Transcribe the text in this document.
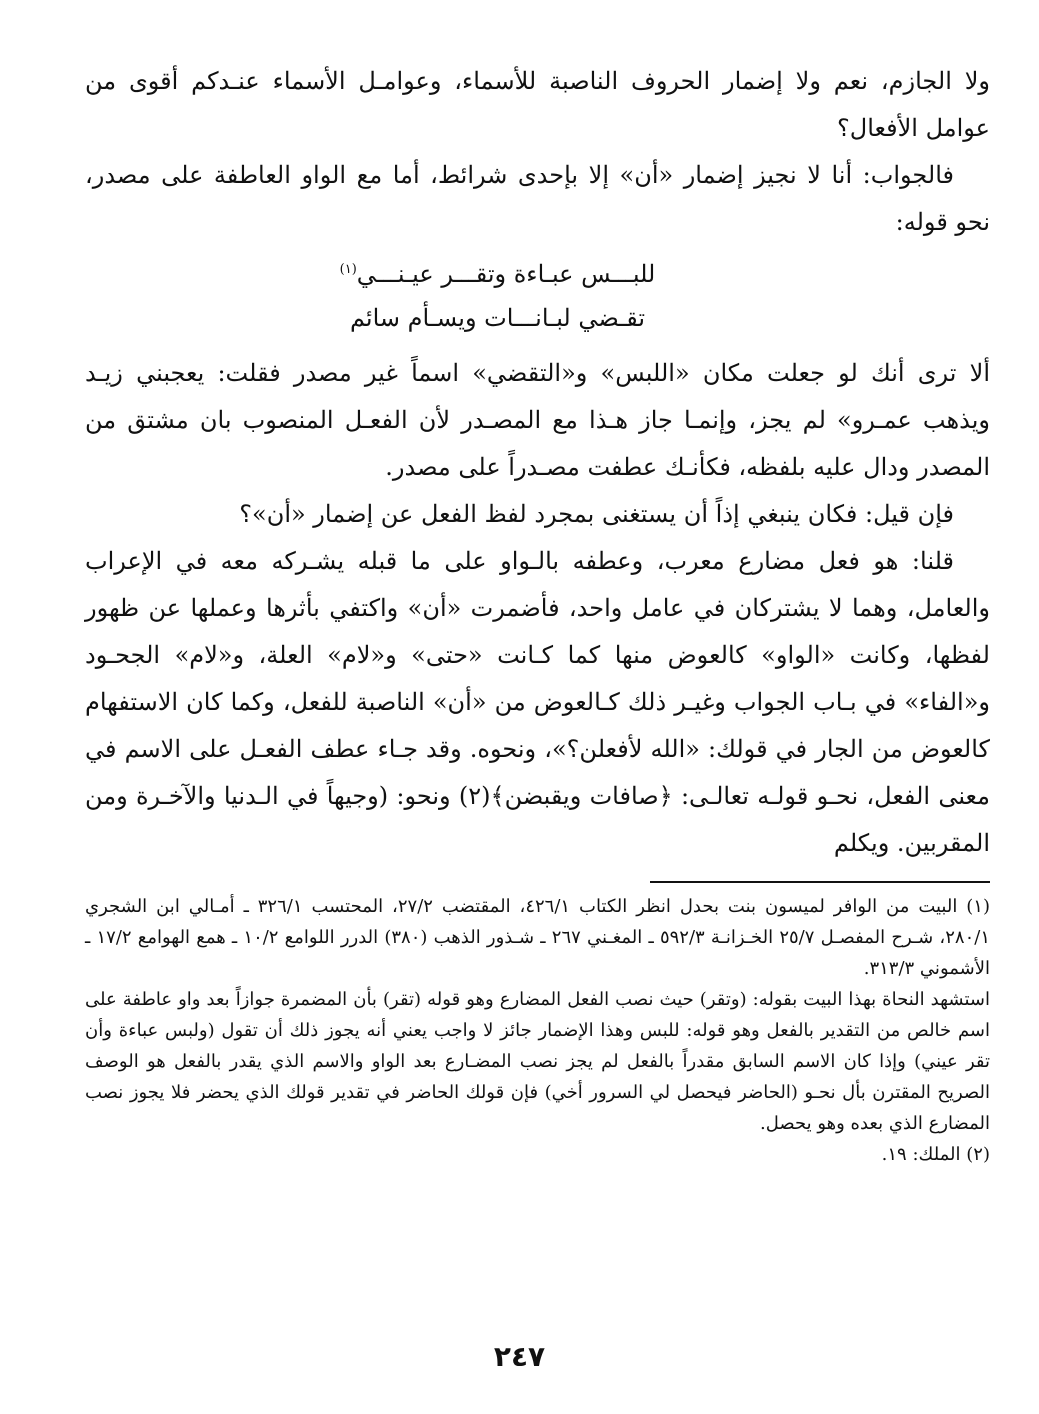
ولا الجازم، نعم ولا إضمار الحروف الناصبة للأسماء، وعوامـل الأسماء عنـدكم أقوى من عوامل الأفعال؟

فالجواب: أنا لا نجيز إضمار «أن» إلا بإحدى شرائط، أما مع الواو العاطفة على مصدر، نحو قوله:

للبـــس عبـاءة وتقـــر عيـنـــي$^{(١)}$
تقـضي لبـانـــات ويسـأم سائم

ألا ترى أنك لو جعلت مكان «اللبس» و«التقضي» اسماً غير مصدر فقلت: يعجبني زيـد ويذهب عمـرو» لم يجز، وإنمـا جاز هـذا مع المصـدر لأن الفعـل المنصوب بان مشتق من المصدر ودال عليه بلفظه، فكأنـك عطفت مصـدراً على مصدر.

فإن قيل: فكان ينبغي إذاً أن يستغنى بمجرد لفظ الفعل عن إضمار «أن»؟

قلنا: هو فعل مضارع معرب، وعطفه بالـواو على ما قبله يشـركه معه في الإعراب والعامل، وهما لا يشتركان في عامل واحد، فأضمرت «أن» واكتفي بأثرها وعملها عن ظهور لفظها، وكانت «الواو» كالعوض منها كما كـانت «حتى» و«لام» العلة، و«لام» الجحـود و«الفاء» في بـاب الجواب وغيـر ذلك كـالعوض من «أن» الناصبة للفعل، وكما كان الاستفهام كالعوض من الجار في قولك: «الله لأفعلن؟»، ونحوه. وقد جـاء عطف الفعـل على الاسم في معنى الفعل، نحـو قولـه تعالـى: ﴿صافات ويقبضن﴾(٢) ونحو: (وجيهاً في الـدنيا والآخـرة ومن المقربين. ويكلم

(١) البيت من الوافر لميسون بنت بحدل انظر الكتاب ٤٢٦/١، المقتضب ٢٧/٢، المحتسب ٣٢٦/١ ـ أمـالي ابن الشجري ٢٨٠/١، شـرح المفصـل ٢٥/٧ الخـزانـة ٥٩٢/٣ ـ المغـني ٢٦٧ ـ شـذور الذهب (٣٨٠) الدرر اللوامع ١٠/٢ ـ همع الهوامع ١٧/٢ ـ الأشموني ٣١٣/٣.

استشهد النحاة بهذا البيت بقوله: (وتقر) حيث نصب الفعل المضارع وهو قوله (تقر) بأن المضمرة جوازاً بعد واو عاطفة على اسم خالص من التقدير بالفعل وهو قوله: للبس وهذا الإضمار جائز لا واجب يعني أنه يجوز ذلك أن تقول (ولبس عباءة وأن تقر عيني) وإذا كان الاسم السابق مقدراً بالفعل لم يجز نصب المضـارع بعد الواو والاسم الذي يقدر بالفعل هو الوصف الصريح المقترن بأل نحـو (الحاضر فيحصل لي السرور أخي) فإن قولك الحاضر في تقدير قولك الذي يحضر فلا يجوز نصب المضارع الذي بعده وهو يحصل.

(٢) الملك: ١٩.

٢٤٧
